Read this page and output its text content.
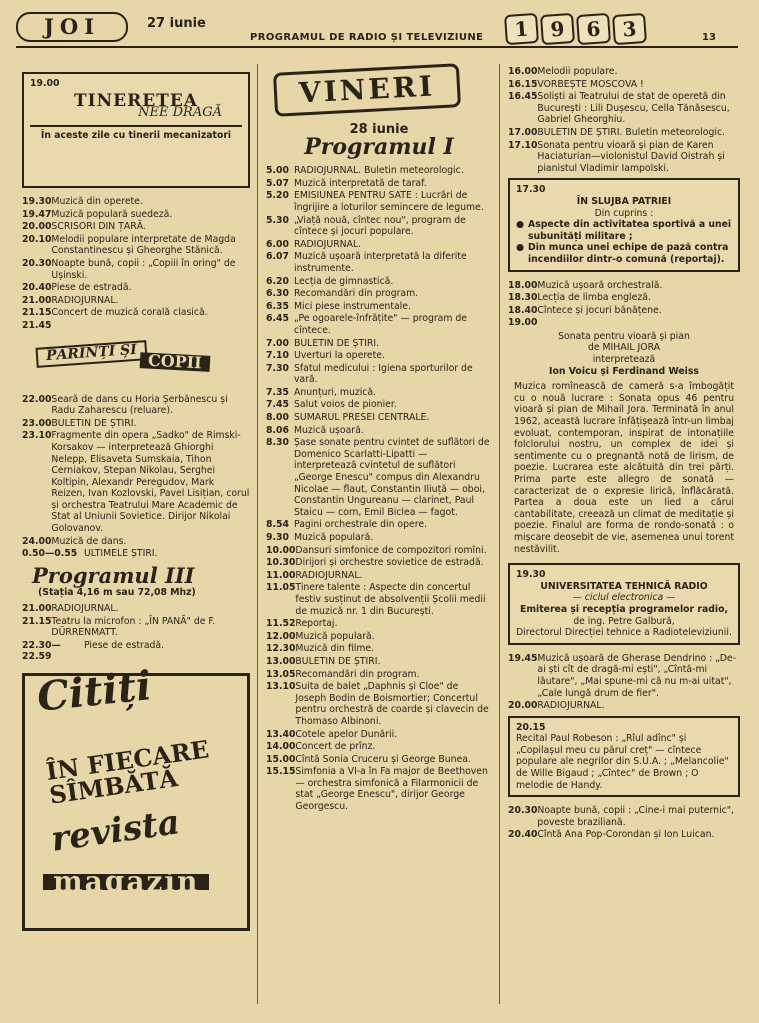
JOI	27 iunie
PROGRAMUL DE RADIO ȘI TELEVIZIUNE	1	9	6	3	13
19.00
TINERETEA
NEE DRAGĂ
În aceste zile cu tinerii mecanizatori
19.30 Muzică din operete.
19.47 Muzică populară suedeză.
20.00 SCRISORI DIN ȚARĂ.
20.10 Melodii populare interpretate de Magda Constantinescu și Gheorghe Stănică.
20.30 Noapte bună, copii : „Copiii în oring" de Ușinski.
20.40 Piese de estradă.
21.00 RADIOJURNAL.
21.15 Concert de muzică corală clasică.
21.45
PĂRINȚI ȘI COPII
22.00 Seară de dans cu Horia Șerbănescu și Radu Zaharescu (reluare).
23.00 BULETIN DE ȘTIRI.
23.10 Fragmente din opera „Sadko" de Rimski-Korsakov — interpretează Ghiorghi Nelepp, Elisaveta Sumskaia, Tihon Cerniakov, Stepan Nikolau, Serghei Koltipin, Alexandr Peregudov, Mark Reizen, Ivan Kozlovski, Pavel Lisițian, corul și orchestra Teatrului Mare Academic de Stat al Uniunii Sovietice. Dirijor Nikolai Golovanov.
24.00 Muzică de dans.
0.50—0.55 ULTIMELE ȘTIRI.
Programul III
(Stația 4,16 m sau 72,08 Mhz)
21.00 RADIOJURNAL.
21.15 Teatru la microfon : „ÎN PANĂ" de F. DÜRRENMATT.
22.30—22.59
Piese de estradă.
Citiți
ÎN FIECARE SÎMBĂTĂ
revista
magazin
VINERI
28 iunie
Programul I
5.00 RADIOJURNAL. Buletin meteorologic.
5.07 Muzică interpretată de taraf.
5.20 EMISIUNEA PENTRU SATE : Lucrări de îngrijire a loturilor semincere de legume.
5.30 „Viață nouă, cîntec nou", program de cîntece și jocuri populare.
6.00 RADIOJURNAL.
6.07 Muzică ușoară interpretată la diferite instrumente.
6.20 Lecția de gimnastică.
6.30 Recomandări din program.
6.35 Mici piese instrumentale.
6.45 „Pe ogoarele-înfrățite" — program de cîntece.
7.00 BULETIN DE ȘTIRI.
7.10 Uverturi la operete.
7.30 Sfatul medicului : Igiena sporturilor de vară.
7.35 Anunțuri, muzică.
7.45 Salut voios de pionier.
8.00 SUMARUL PRESEI CENTRALE.
8.06 Muzică ușoară.
8.30 Șase sonate pentru cvintet de suflători de Domenico Scarlatti-Lipatti — interpretează cvintetul de suflători „George Enescu" compus din Alexandru Nicolae — flaut, Constantin Iliuță — oboi, Constantin Ungureanu — clarinet, Paul Staicu — corn, Emil Biclea — fagot.
8.54 Pagini orchestrale din opere.
9.30 Muzică populară.
10.00 Dansuri simfonice de compozitori romîni.
10.30 Dirijori și orchestre sovietice de estradă.
11.00 RADIOJURNAL.
11.05 Tinere talente : Aspecte din concertul festiv susținut de absolvenții Școlii medii de muzică nr. 1 din București.
11.52 Reportaj.
12.00 Muzică populară.
12.30 Muzică din filme.
13.00 BULETIN DE ȘTIRI.
13.05 Recomandări din program.
13.10 Suita de balet „Daphnis și Cloe" de Joseph Bodin de Boismortier; Concertul pentru orchestră de coarde și clavecin de Thomaso Albinoni.
13.40 Cotele apelor Dunării.
14.00 Concert de prînz.
15.00 Cîntă Sonia Cruceru și George Bunea.
15.15 Simfonia a VI-a în Fa major de Beethoven — orchestra simfonică a Filarmonicii de stat „George Enescu", dirijor George Georgescu.
16.00 Melodii populare.
16.15 VORBEȘTE MOSCOVA !
16.45 Soliști ai Teatrului de stat de operetă din București : Lili Dușescu, Cella Tănăsescu, Gabriel Gheorghiu.
17.00 BULETIN DE ȘTIRI. Buletin meteorologic.
17.10 Sonata pentru vioară și pian de Karen Haciaturian—violonistul David Oistrah și pianistul Vladimir Iampolski.
17.30
ÎN SLUJBA PATRIEI
Din cuprins :
● Aspecte din activitatea sportivă a unei subunități militare ;
● Din munca unei echipe de pază contra incendiilor dintr-o comună (reportaj).
18.00 Muzică ușoară orchestrală.
18.30 Lecția de limba engleză.
18.40 Cîntece și jocuri bănățene.
19.00
Sonata pentru vioară și pian
de MIHAIL JORA
interpretează
Ion Voicu și Ferdinand Weiss
Muzica romînească de cameră s-a îmbogățit cu o nouă lucrare : Sonata opus 46 pentru vioară și pian de Mihail Jora. Terminată în anul 1962, această lucrare înfățișează într-un limbaj evoluat, contemporan, inspirat de intonațiile folclorului nostru, un complex de idei și sentimente cu o pregnantă notă de lirism, de poezie. Lucrarea este alcătuită din trei părți. Prima parte este allegro de sonată — caracterizat de o expresie lirică, înflăcărată. Partea a doua este un lied a cărui cantabilitate, creează un climat de meditație și poezie. Finalul are forma de rondo-sonată : o mișcare deosebit de vie, asemenea unui torent nestăvilit.
19.30
UNIVERSITATEA TEHNICĂ RADIO
— ciclul electronica —
Emiterea și recepția programelor radio,
de ing. Petre Galbură,
Directorul Direcției tehnice a Radioteleviziunii.
19.45 Muzică ușoară de Gherase Dendrino : „De-ai ști cît de dragă-mi ești", „Cîntă-mi lăutare", „Mai spune-mi că nu m-ai uitat", „Cale lungă drum de fier".
20.00 RADIOJURNAL.
20.15
Recital Paul Robeson : „Rîul adînc" și „Copilașul meu cu părul creț" — cîntece populare ale negrilor din S.U.A. ; „Melancolie" de Wille Bigaud ; „Cîntec" de Brown ; O melodie de Handy.
20.30 Noapte bună, copii : „Cine-i mai puternic", poveste braziliană.
20.40 Cîntă Ana Pop-Corondan și Ion Luican.
